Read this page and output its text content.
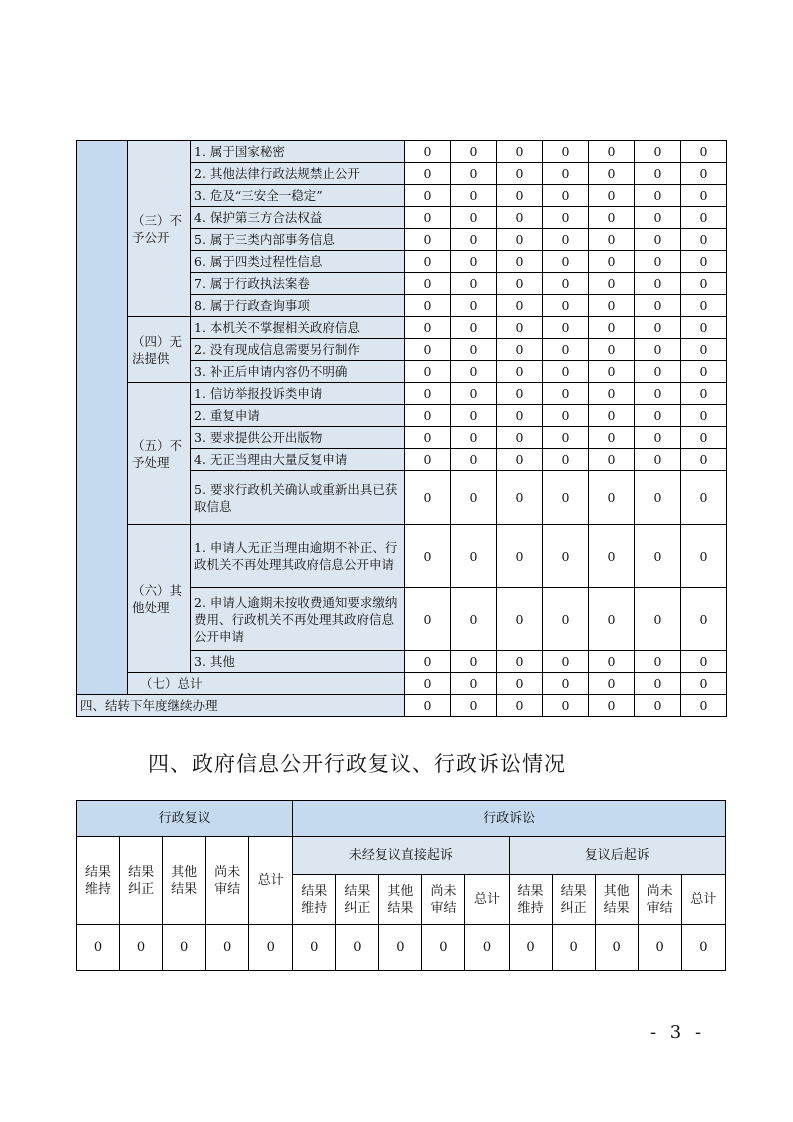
	（三）不予公开	1. 属于国家秘密	0	0	0	0	0	0	0
		2. 其他法律行政法规禁止公开	0	0	0	0	0	0	0
		3. 危及“三安全一稳定”	0	0	0	0	0	0	0
		4. 保护第三方合法权益	0	0	0	0	0	0	0
		5. 属于三类内部事务信息	0	0	0	0	0	0	0
		6. 属于四类过程性信息	0	0	0	0	0	0	0
		7. 属于行政执法案卷	0	0	0	0	0	0	0
		8. 属于行政查询事项	0	0	0	0	0	0	0
	（四）无法提供	1. 本机关不掌握相关政府信息	0	0	0	0	0	0	0
		2. 没有现成信息需要另行制作	0	0	0	0	0	0	0
		3. 补正后申请内容仍不明确	0	0	0	0	0	0	0
	（五）不予处理	1. 信访举报投诉类申请	0	0	0	0	0	0	0
		2. 重复申请	0	0	0	0	0	0	0
		3. 要求提供公开出版物	0	0	0	0	0	0	0
		4. 无正当理由大量反复申请	0	0	0	0	0	0	0
		5. 要求行政机关确认或重新出具已获取信息	0	0	0	0	0	0	0
	（六）其他处理	1. 申请人无正当理由逾期不补正、行政机关不再处理其政府信息公开申请	0	0	0	0	0	0	0
		2. 申请人逾期未按收费通知要求缴纳费用、行政机关不再处理其政府信息公开申请	0	0	0	0	0	0	0
		3. 其他	0	0	0	0	0	0	0
	（七）总计		0	0	0	0	0	0	0
四、结转下年度继续办理			0	0	0	0	0	0	0
四、政府信息公开行政复议、行政诉讼情况
行政复议					行政诉讼									
结果维持	结果纠正	其他结果	尚未审结	总计	未经复议直接起诉					复议后起诉				
					结果维持	结果纠正	其他结果	尚未审结	总计	结果维持	结果纠正	其他结果	尚未审结	总计
0	0	0	0	0	0	0	0	0	0	0	0	0	0	0
- 3 -
